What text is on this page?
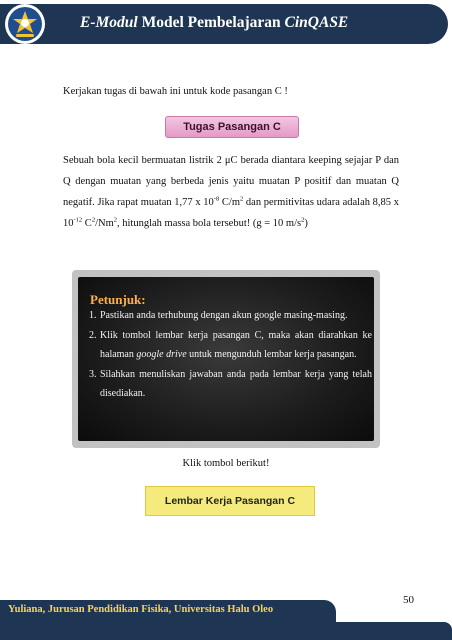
E-Modul Model Pembelajaran CinQASE
Kerjakan tugas di bawah ini untuk kode pasangan C !
Tugas Pasangan C
Sebuah bola kecil bermuatan listrik 2 μC berada diantara keeping sejajar P dan Q dengan muatan yang berbeda jenis yaitu muatan P positif dan muatan Q negatif. Jika rapat muatan 1,77 x $10^{-8}$ $C/m^2$ dan permitivitas udara adalah 8,85 x $10^{-12}$ $C^2/Nm^2$, hitunglah massa bola tersebut! (g = 10 $m/s^2$)
Petunjuk:
1. Pastikan anda terhubung dengan akun google masing-masing.
2. Klik tombol lembar kerja pasangan C, maka akan diarahkan ke halaman google drive untuk mengunduh lembar kerja pasangan.
3. Silahkan menuliskan jawaban anda pada lembar kerja yang telah disediakan.
Klik tombol berikut!
Lembar Kerja Pasangan C
50
Yuliana, Jurusan Pendidikan Fisika, Universitas Halu Oleo
